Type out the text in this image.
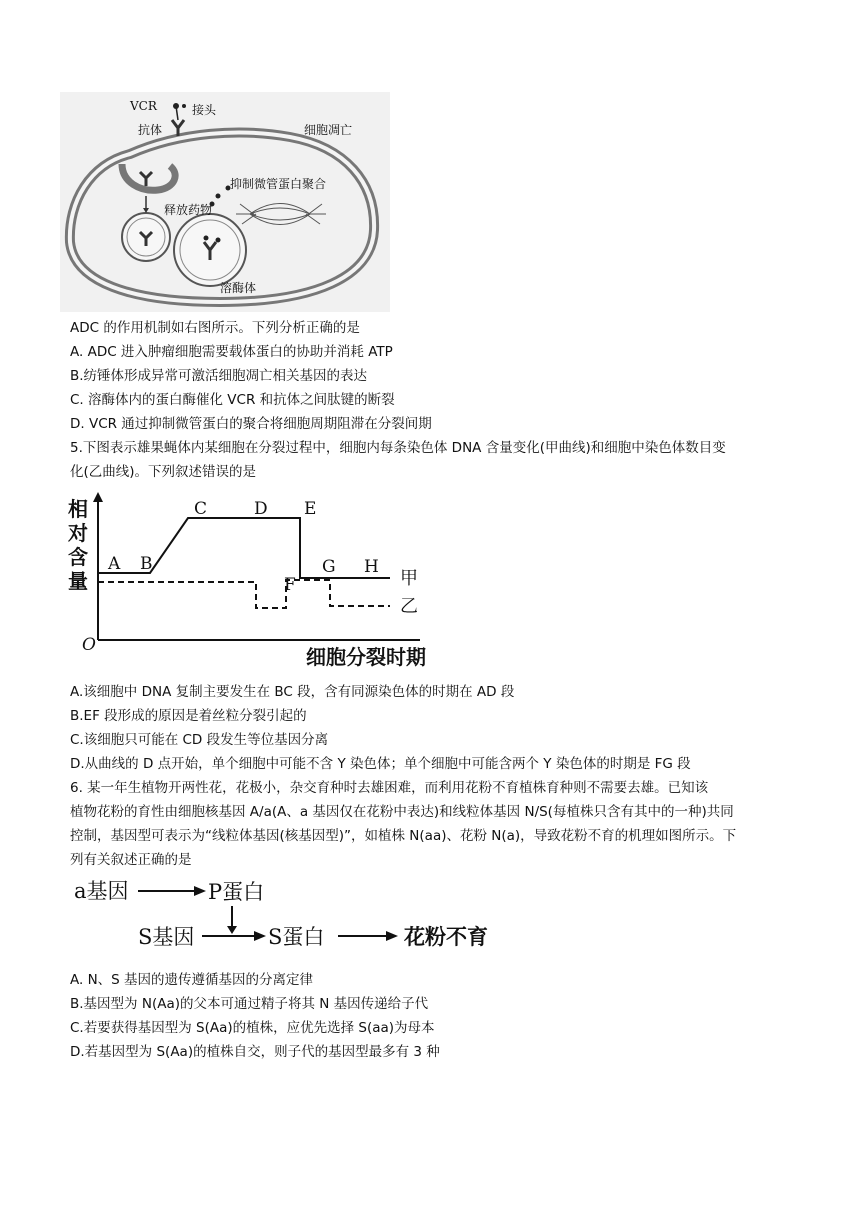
VCR	接头
抗体	细胞凋亡
抑制微管蛋白聚合
释放药物
溶酶体
ADC 的作用机制如右图所示。下列分析正确的是
A. ADC 进入肿瘤细胞需要载体蛋白的协助并消耗 ATP
B.纺锤体形成异常可激活细胞凋亡相关基因的表达
C. 溶酶体内的蛋白酶催化 VCR 和抗体之间肽键的断裂
D. VCR 通过抑制微管蛋白的聚合将细胞周期阻滞在分裂间期
5.下图表示雄果蝇体内某细胞在分裂过程中，细胞内每条染色体 DNA 含量变化(甲曲线)和细胞中染色体数目变
化(乙曲线)。下列叙述错误的是
相
对
含
量
O	细胞分裂时期
A B
C	D E
F
G H
甲
乙
A.该细胞中 DNA 复制主要发生在 BC 段，含有同源染色体的时期在 AD 段
B.EF 段形成的原因是着丝粒分裂引起的
C.该细胞只可能在 CD 段发生等位基因分离
D.从曲线的 D 点开始，单个细胞中可能不含 Y 染色体；单个细胞中可能含两个 Y 染色体的时期是 FG 段
6. 某一年生植物开两性花，花极小，杂交育种时去雄困难，而利用花粉不育植株育种则不需要去雄。已知该
植物花粉的育性由细胞核基因 A/a(A、a 基因仅在花粉中表达)和线粒体基因 N/S(每植株只含有其中的一种)共同
控制，基因型可表示为“线粒体基因(核基因型)”，如植株 N(aa)、花粉 N(a)，导致花粉不育的机理如图所示。下
列有关叙述正确的是
a基因	P蛋白
S基因	S蛋白	花粉不育
A. N、S 基因的遗传遵循基因的分离定律
B.基因型为 N(Aa)的父本可通过精子将其 N 基因传递给子代
C.若要获得基因型为 S(Aa)的植株，应优先选择 S(aa)为母本
D.若基因型为 S(Aa)的植株自交，则子代的基因型最多有 3 种
